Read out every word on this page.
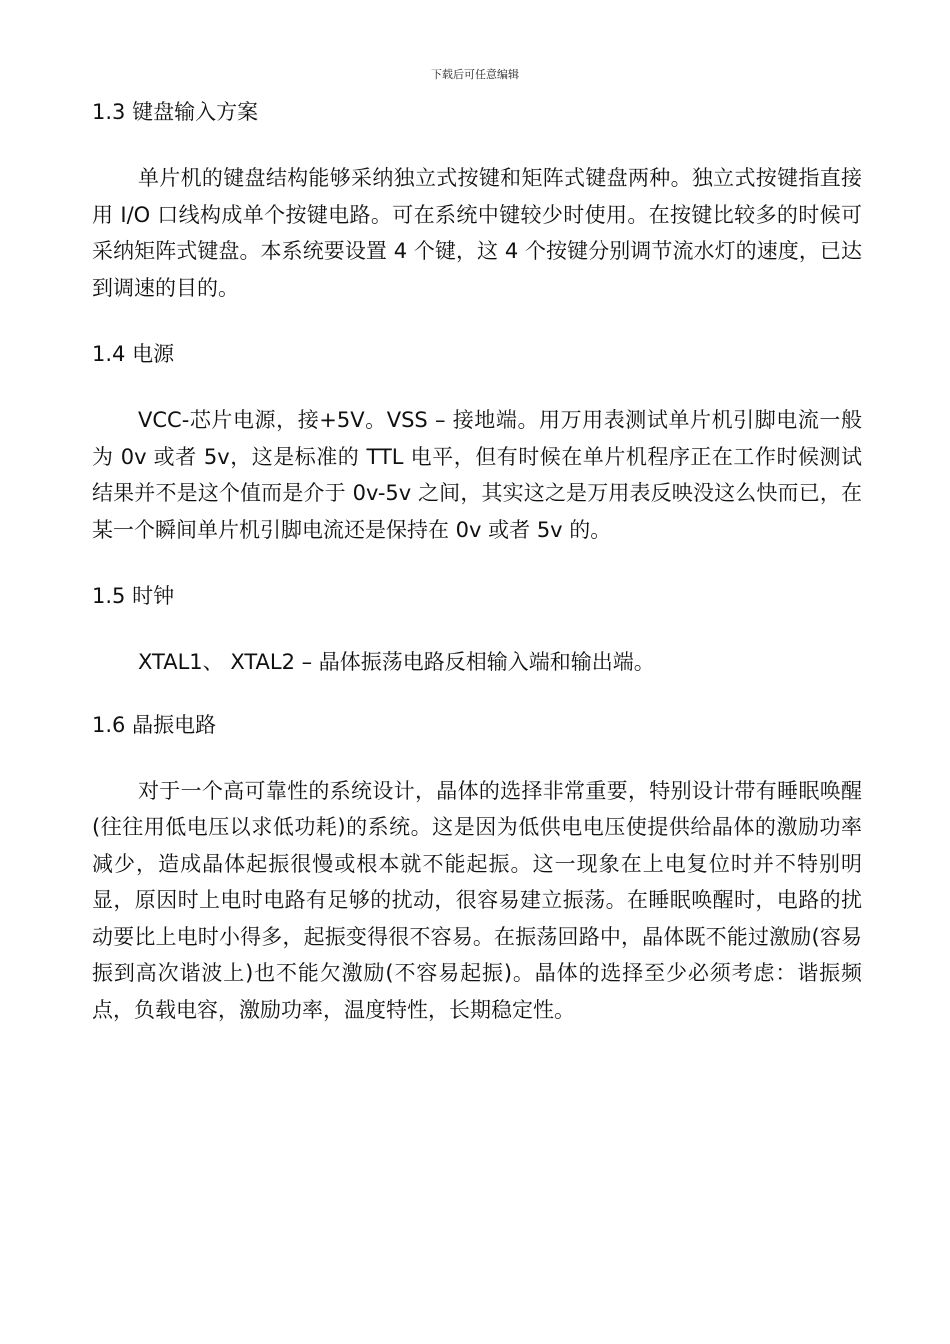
下载后可任意编辑
1.3 键盘输入方案
单片机的键盘结构能够采纳独立式按键和矩阵式键盘两种。独立式按键指直接用 I/O 口线构成单个按键电路。可在系统中键较少时使用。在按键比较多的时候可采纳矩阵式键盘。本系统要设置 4 个键，这 4 个按键分别调节流水灯的速度，已达到调速的目的。
1.4 电源
VCC-芯片电源，接+5V。VSS – 接地端。用万用表测试单片机引脚电流一般为 0v 或者 5v，这是标准的 TTL 电平，但有时候在单片机程序正在工作时候测试结果并不是这个值而是介于 0v-5v 之间，其实这之是万用表反映没这么快而已，在某一个瞬间单片机引脚电流还是保持在 0v 或者 5v 的。
1.5 时钟
XTAL1、 XTAL2 – 晶体振荡电路反相输入端和输出端。
1.6 晶振电路
对于一个高可靠性的系统设计，晶体的选择非常重要，特别设计带有睡眠唤醒(往往用低电压以求低功耗)的系统。这是因为低供电电压使提供给晶体的激励功率减少，造成晶体起振很慢或根本就不能起振。这一现象在上电复位时并不特别明显，原因时上电时电路有足够的扰动，很容易建立振荡。在睡眠唤醒时，电路的扰动要比上电时小得多，起振变得很不容易。在振荡回路中，晶体既不能过激励(容易振到高次谐波上)也不能欠激励(不容易起振)。晶体的选择至少必须考虑：谐振频点，负载电容，激励功率，温度特性，长期稳定性。
